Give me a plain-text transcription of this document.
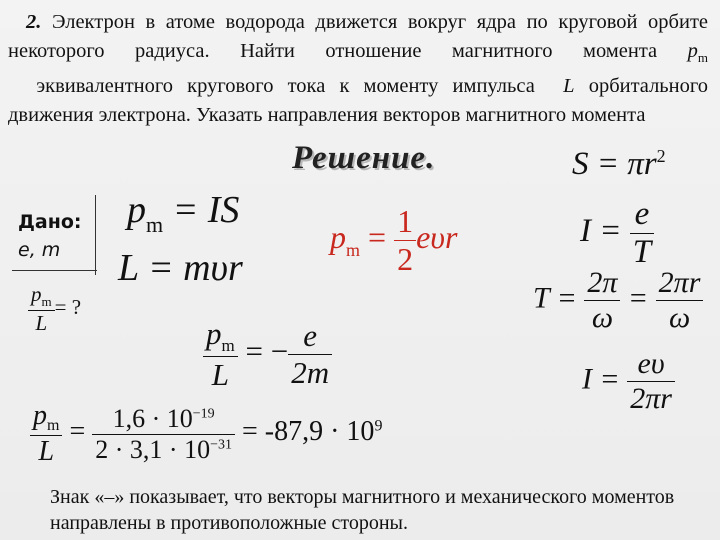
2. Электрон в атоме водорода движется вокруг ядра по круговой орбите некоторого радиуса. Найти отношение магнитного момента $p_m$   эквивалентного кругового тока к моменту импульса L орбитального движения электрона. Указать направления векторов магнитного момента
Решение.
Дано:
e, m
$\frac{p_m}{L}$ = ?
$p_m$ = IS
L = mυr
$p_m = \frac{1}{2}$ eυr
$S = \pi r^2$
$I = \frac{e}{T}$
$T = \frac{2\pi}{\omega} = \frac{2\pi r}{\omega}$
$I = \frac{e\upsilon}{2\pi r}$
$\frac{p_m}{L}$ = − $\frac{e}{2m}$
$\frac{p_m}{L} = \frac{1,6 \cdot 10^{-19}}{2 \cdot 3,1 \cdot 10^{-31}} = -87,9 \cdot 10^9$
Знак «–» показывает, что векторы магнитного и механического моментов направлены в противоположные стороны.
